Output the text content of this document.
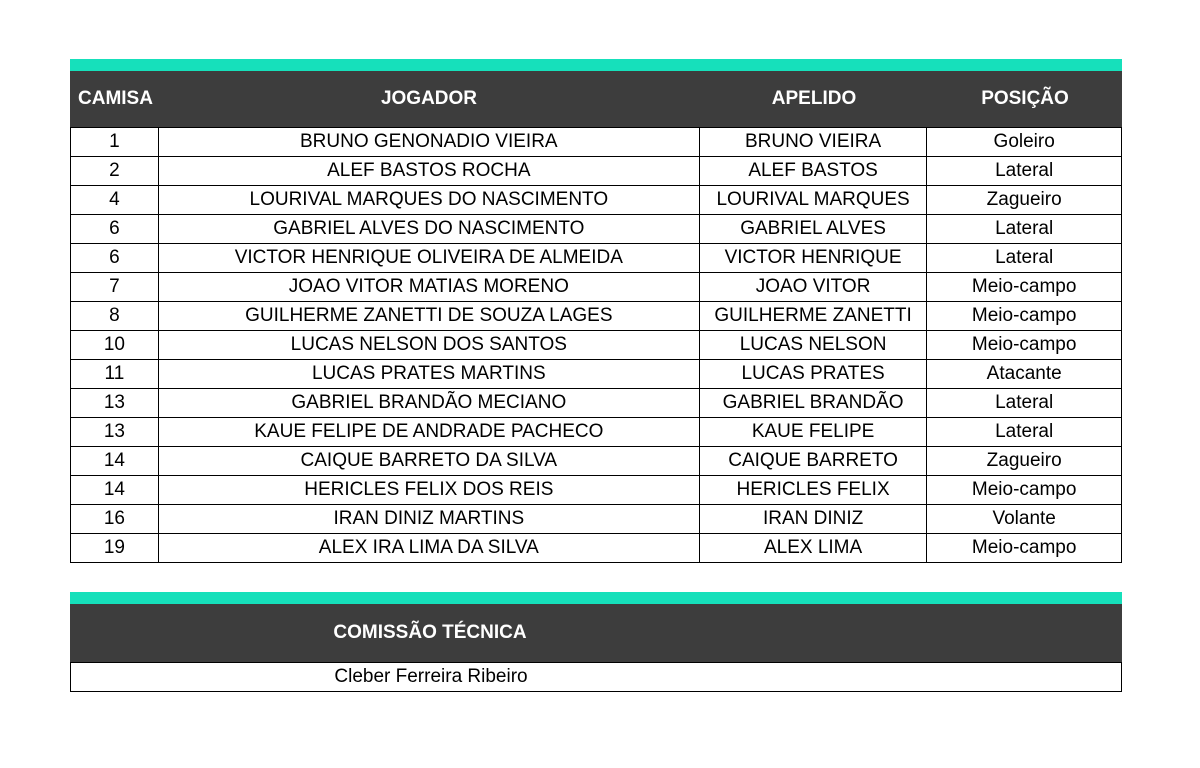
CAMISA	JOGADOR	APELIDO	POSIÇÃO
1	BRUNO GENONADIO VIEIRA	BRUNO VIEIRA	Goleiro
2	ALEF BASTOS ROCHA	ALEF BASTOS	Lateral
4	LOURIVAL MARQUES DO NASCIMENTO	LOURIVAL MARQUES	Zagueiro
6	GABRIEL ALVES DO NASCIMENTO	GABRIEL ALVES	Lateral
6	VICTOR HENRIQUE OLIVEIRA DE ALMEIDA	VICTOR HENRIQUE	Lateral
7	JOAO VITOR MATIAS MORENO	JOAO VITOR	Meio-campo
8	GUILHERME ZANETTI DE SOUZA LAGES	GUILHERME ZANETTI	Meio-campo
10	LUCAS NELSON DOS SANTOS	LUCAS NELSON	Meio-campo
11	LUCAS PRATES MARTINS	LUCAS PRATES	Atacante
13	GABRIEL BRANDÃO MECIANO	GABRIEL BRANDÃO	Lateral
13	KAUE FELIPE DE ANDRADE PACHECO	KAUE FELIPE	Lateral
14	CAIQUE BARRETO DA SILVA	CAIQUE BARRETO	Zagueiro
14	HERICLES FELIX DOS REIS	HERICLES FELIX	Meio-campo
16	IRAN DINIZ MARTINS	IRAN DINIZ	Volante
19	ALEX IRA LIMA DA SILVA	ALEX LIMA	Meio-campo
COMISSÃO TÉCNICA
Cleber Ferreira Ribeiro
